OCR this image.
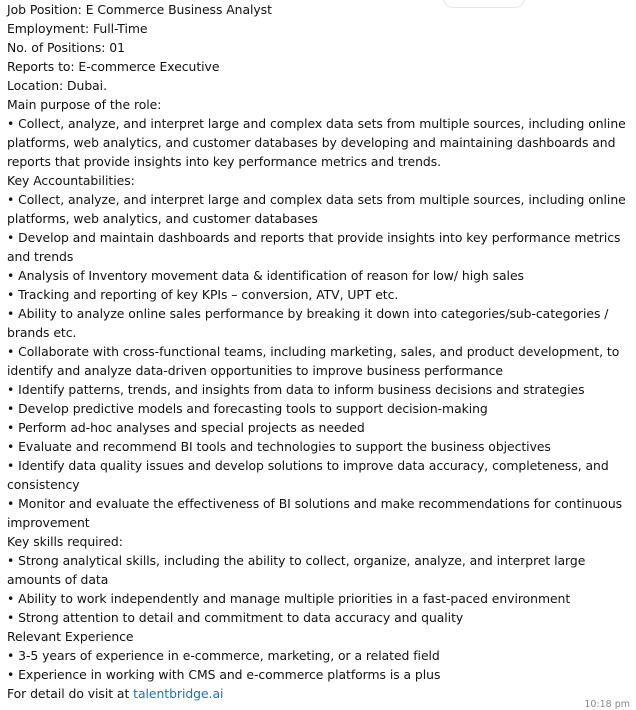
Job Position: E Commerce Business Analyst
Employment: Full-Time
No. of Positions: 01
Reports to: E-commerce Executive
Location: Dubai.
Main purpose of the role:
• Collect, analyze, and interpret large and complex data sets from multiple sources, including online
platforms, web analytics, and customer databases by developing and maintaining dashboards and
reports that provide insights into key performance metrics and trends.
Key Accountabilities:
• Collect, analyze, and interpret large and complex data sets from multiple sources, including online
platforms, web analytics, and customer databases
• Develop and maintain dashboards and reports that provide insights into key performance metrics
and trends
• Analysis of Inventory movement data & identification of reason for low/ high sales
• Tracking and reporting of key KPIs – conversion, ATV, UPT etc.
• Ability to analyze online sales performance by breaking it down into categories/sub-categories /
brands etc.
• Collaborate with cross-functional teams, including marketing, sales, and product development, to
identify and analyze data-driven opportunities to improve business performance
• Identify patterns, trends, and insights from data to inform business decisions and strategies
• Develop predictive models and forecasting tools to support decision-making
• Perform ad-hoc analyses and special projects as needed
• Evaluate and recommend BI tools and technologies to support the business objectives
• Identify data quality issues and develop solutions to improve data accuracy, completeness, and
consistency
• Monitor and evaluate the effectiveness of BI solutions and make recommendations for continuous
improvement
Key skills required:
• Strong analytical skills, including the ability to collect, organize, analyze, and interpret large
amounts of data
• Ability to work independently and manage multiple priorities in a fast-paced environment
• Strong attention to detail and commitment to data accuracy and quality
Relevant Experience
• 3-5 years of experience in e-commerce, marketing, or a related field
• Experience in working with CMS and e-commerce platforms is a plus
For detail do visit at talentbridge.ai
10:18 pm
